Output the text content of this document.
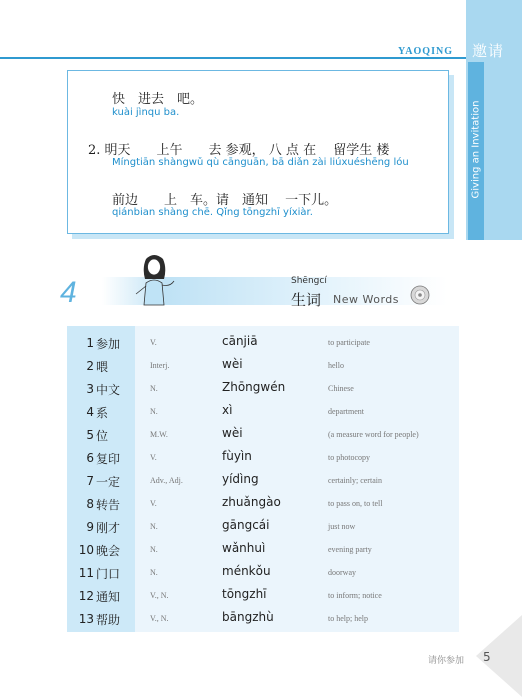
YAOQING 邀请
Giving an Invitation
快　进去　吧。
kuài jìnqu ba.
2. 明天　　上午　　去 参观， 八 点 在　 留学生 楼
Míngtiān shàngwǔ qù cānguān, bā diǎn zài liúxuéshēng lóu
前边　　上　车。请　通知　 一下儿。
qiánbian shàng chē. Qǐng tōngzhī yíxiàr.
4	Shēngcí
生词 New Words
1 参加	V.	cānjiā	to participate
2 喂	Interj.	wèi	hello
3 中文	N.	Zhōngwén	Chinese
4 系	N.	xì	department
5 位	M.W.	wèi	(a measure word for people)
6 复印	V.	fùyìn	to photocopy
7 一定	Adv., Adj.	yídìng	certainly; certain
8 转告	V.	zhuǎngào	to pass on, to tell
9 刚才	N.	gāngcái	just now
10 晚会	N.	wǎnhuì	evening party
11 门口	N.	ménkǒu	doorway
12 通知	V., N.	tōngzhī	to inform; notice
13 帮助	V., N.	bāngzhù	to help; help
请你参加 5
